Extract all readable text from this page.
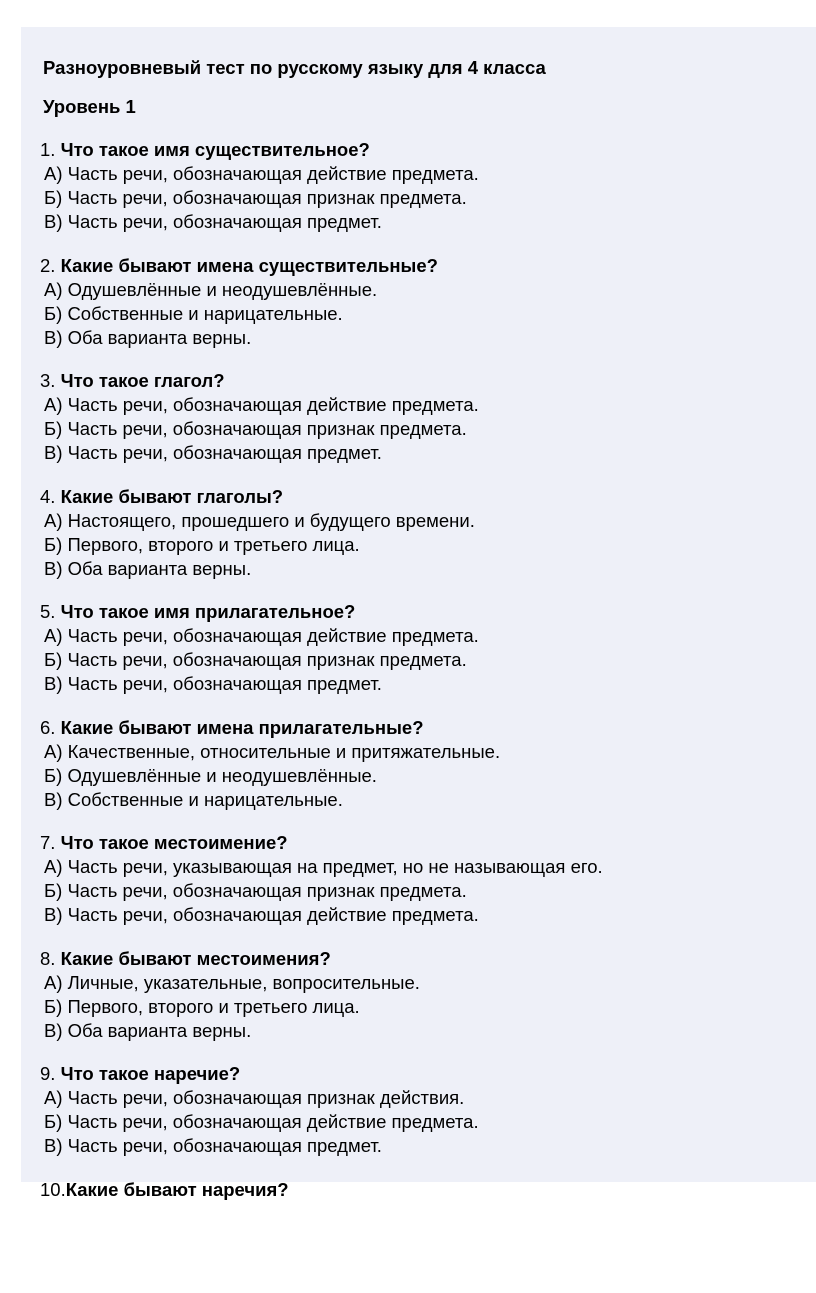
Разноуровневый тест по русскому языку для 4 класса
Уровень 1
1. Что такое имя существительное?
А) Часть речи, обозначающая действие предмета.
Б) Часть речи, обозначающая признак предмета.
В) Часть речи, обозначающая предмет.
2. Какие бывают имена существительные?
А) Одушевлённые и неодушевлённые.
Б) Собственные и нарицательные.
В) Оба варианта верны.
3. Что такое глагол?
А) Часть речи, обозначающая действие предмета.
Б) Часть речи, обозначающая признак предмета.
В) Часть речи, обозначающая предмет.
4. Какие бывают глаголы?
А) Настоящего, прошедшего и будущего времени.
Б) Первого, второго и третьего лица.
В) Оба варианта верны.
5. Что такое имя прилагательное?
А) Часть речи, обозначающая действие предмета.
Б) Часть речи, обозначающая признак предмета.
В) Часть речи, обозначающая предмет.
6. Какие бывают имена прилагательные?
А) Качественные, относительные и притяжательные.
Б) Одушевлённые и неодушевлённые.
В) Собственные и нарицательные.
7. Что такое местоимение?
А) Часть речи, указывающая на предмет, но не называющая его.
Б) Часть речи, обозначающая признак предмета.
В) Часть речи, обозначающая действие предмета.
8. Какие бывают местоимения?
А) Личные, указательные, вопросительные.
Б) Первого, второго и третьего лица.
В) Оба варианта верны.
9. Что такое наречие?
А) Часть речи, обозначающая признак действия.
Б) Часть речи, обозначающая действие предмета.
В) Часть речи, обозначающая предмет.
10.Какие бывают наречия?
